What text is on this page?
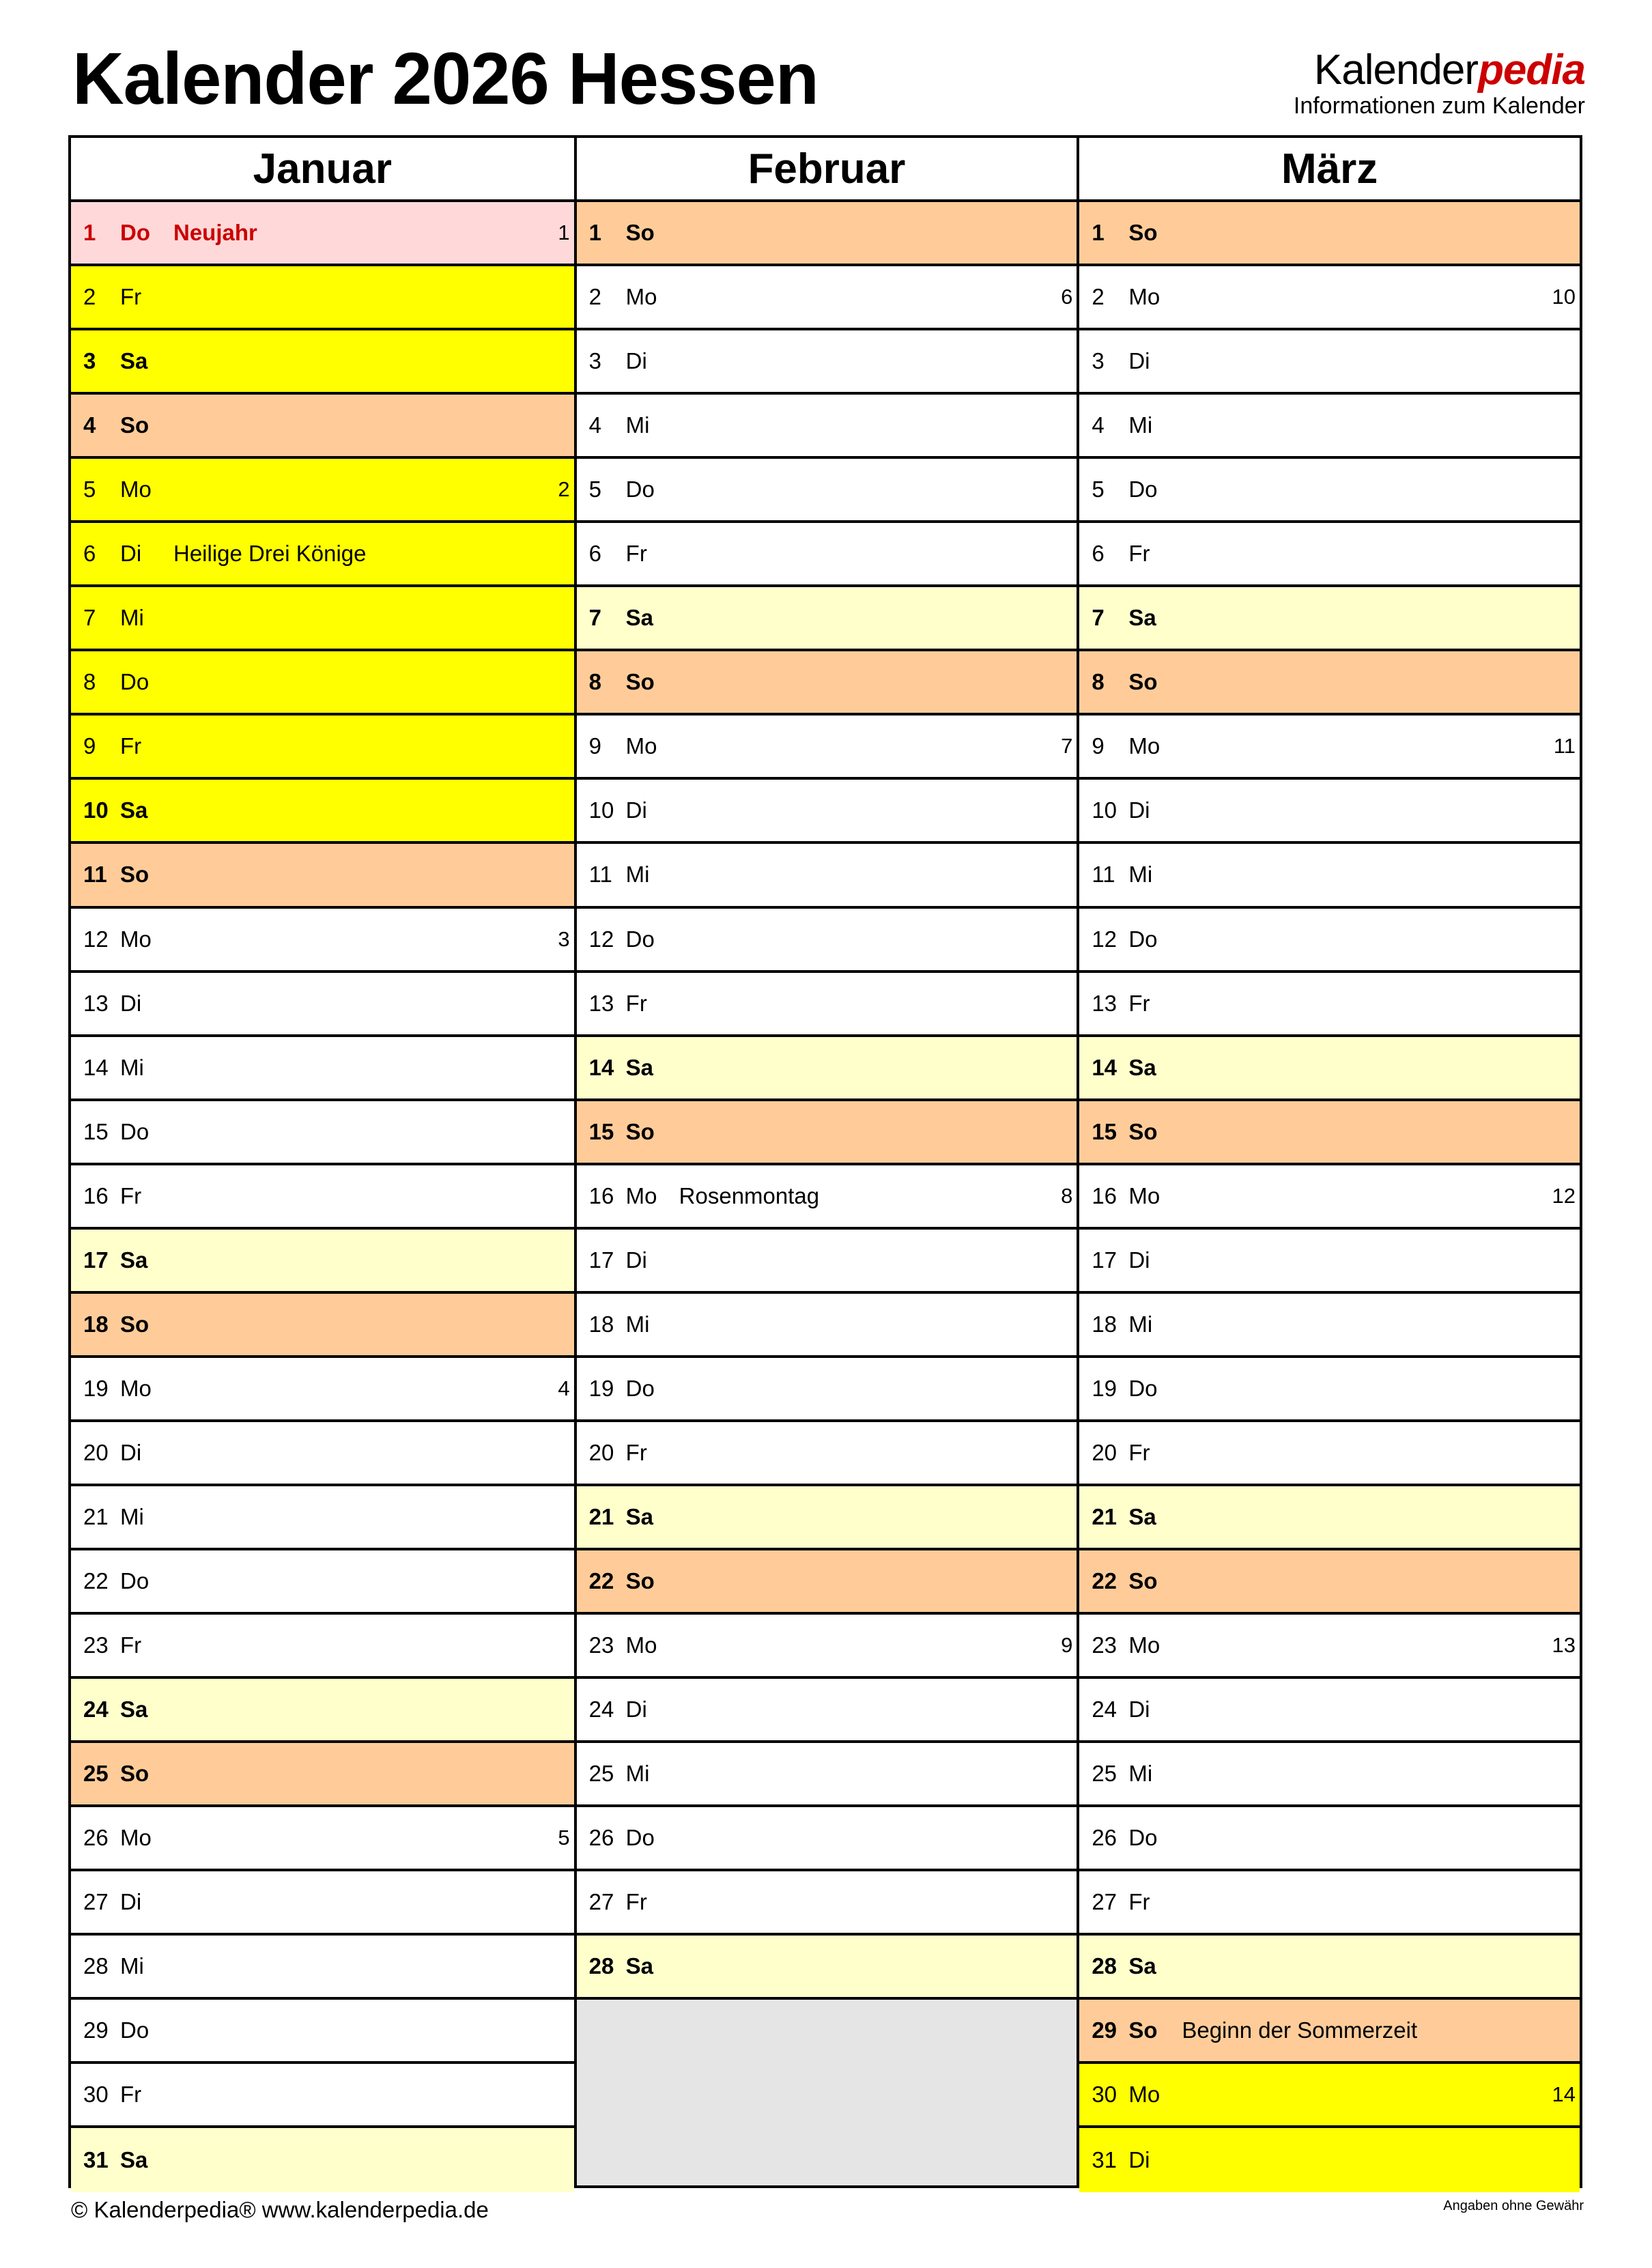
Kalender 2026 Hessen	Kalenderpedia
Informationen zum Kalender
Januar
1	Do	Neujahr	1
2	Fr
3	Sa
4	So
5	Mo	2
6	Di	Heilige Drei Könige
7	Mi
8	Do
9	Fr
10 Sa
11 So
12 Mo	3
13 Di
14 Mi
15 Do
16 Fr
17 Sa
18 So
19 Mo	4
20 Di
21 Mi
22 Do
23 Fr
24 Sa
25 So
26 Mo	5
27 Di
28 Mi
29 Do
30 Fr
31 Sa
Februar
1	So
2	Mo	6
3	Di
4	Mi
5	Do
6	Fr
7	Sa
8	So
9	Mo	7
10 Di
11 Mi
12 Do
13 Fr
14 Sa
15 So
16 Mo Rosenmontag	8
17 Di
18 Mi
19 Do
20 Fr
21 Sa
22 So
23 Mo	9
24 Di
25 Mi
26 Do
27 Fr
28 Sa
März
1	So
2	Mo	10
3	Di
4	Mi
5	Do
6	Fr
7	Sa
8	So
9	Mo	11
10 Di
11 Mi
12 Do
13 Fr
14 Sa
15 So
16 Mo	12
17 Di
18 Mi
19 Do
20 Fr
21 Sa
22 So
23 Mo	13
24 Di
25 Mi
26 Do
27 Fr
28 Sa
29 So	Beginn der Sommerzeit
30 Mo	14
31 Di
© Kalenderpedia® www.kalenderpedia.de	Angaben ohne Gewähr
